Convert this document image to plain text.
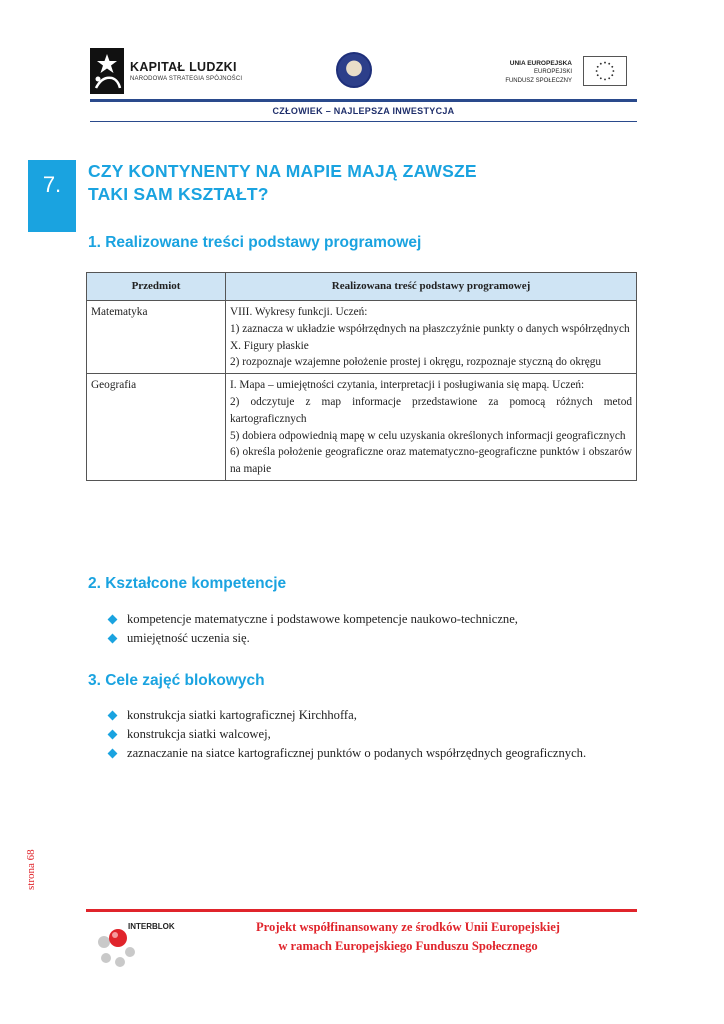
KAPITAŁ LUDZKI
NARODOWA STRATEGIA SPÓJNOŚCI
UNIA EUROPEJSKA
EUROPEJSKI
FUNDUSZ SPOŁECZNY
CZŁOWIEK – NAJLEPSZA INWESTYCJA
7.
CZY KONTYNENTY NA MAPIE MAJĄ ZAWSZE
TAKI SAM KSZTAŁT?
1. Realizowane treści podstawy programowej
Przedmiot	Realizowana treść podstawy programowej
Matematyka	VIII. Wykresy funkcji. Uczeń:
1) zaznacza w układzie współrzędnych na płaszczyźnie punkty o danych współrzędnych
X. Figury płaskie
2) rozpoznaje wzajemne położenie prostej i okręgu, rozpoznaje styczną do okręgu

Geografia	I. Mapa – umiejętności czytania, interpretacji i posługiwania się mapą. Uczeń:
2) odczytuje z map informacje przedstawione za pomocą różnych metod kartograficznych
5) dobiera odpowiednią mapę w celu uzyskania określonych informacji geograficznych
6) określa położenie geograficzne oraz matematyczno-geograficzne punktów i obszarów na mapie
2. Kształcone kompetencje
kompetencje matematyczne i podstawowe kompetencje naukowo-techniczne,
umiejętność uczenia się.
3. Cele zajęć blokowych
konstrukcja siatki kartograficznej Kirchhoffa,
konstrukcja siatki walcowej,
zaznaczanie na siatce kartograficznej punktów o podanych współrzędnych geograficznych.
strona 68
INTERBLOK	Projekt współfinansowany ze środków Unii Europejskiej
w ramach Europejskiego Funduszu Społecznego
